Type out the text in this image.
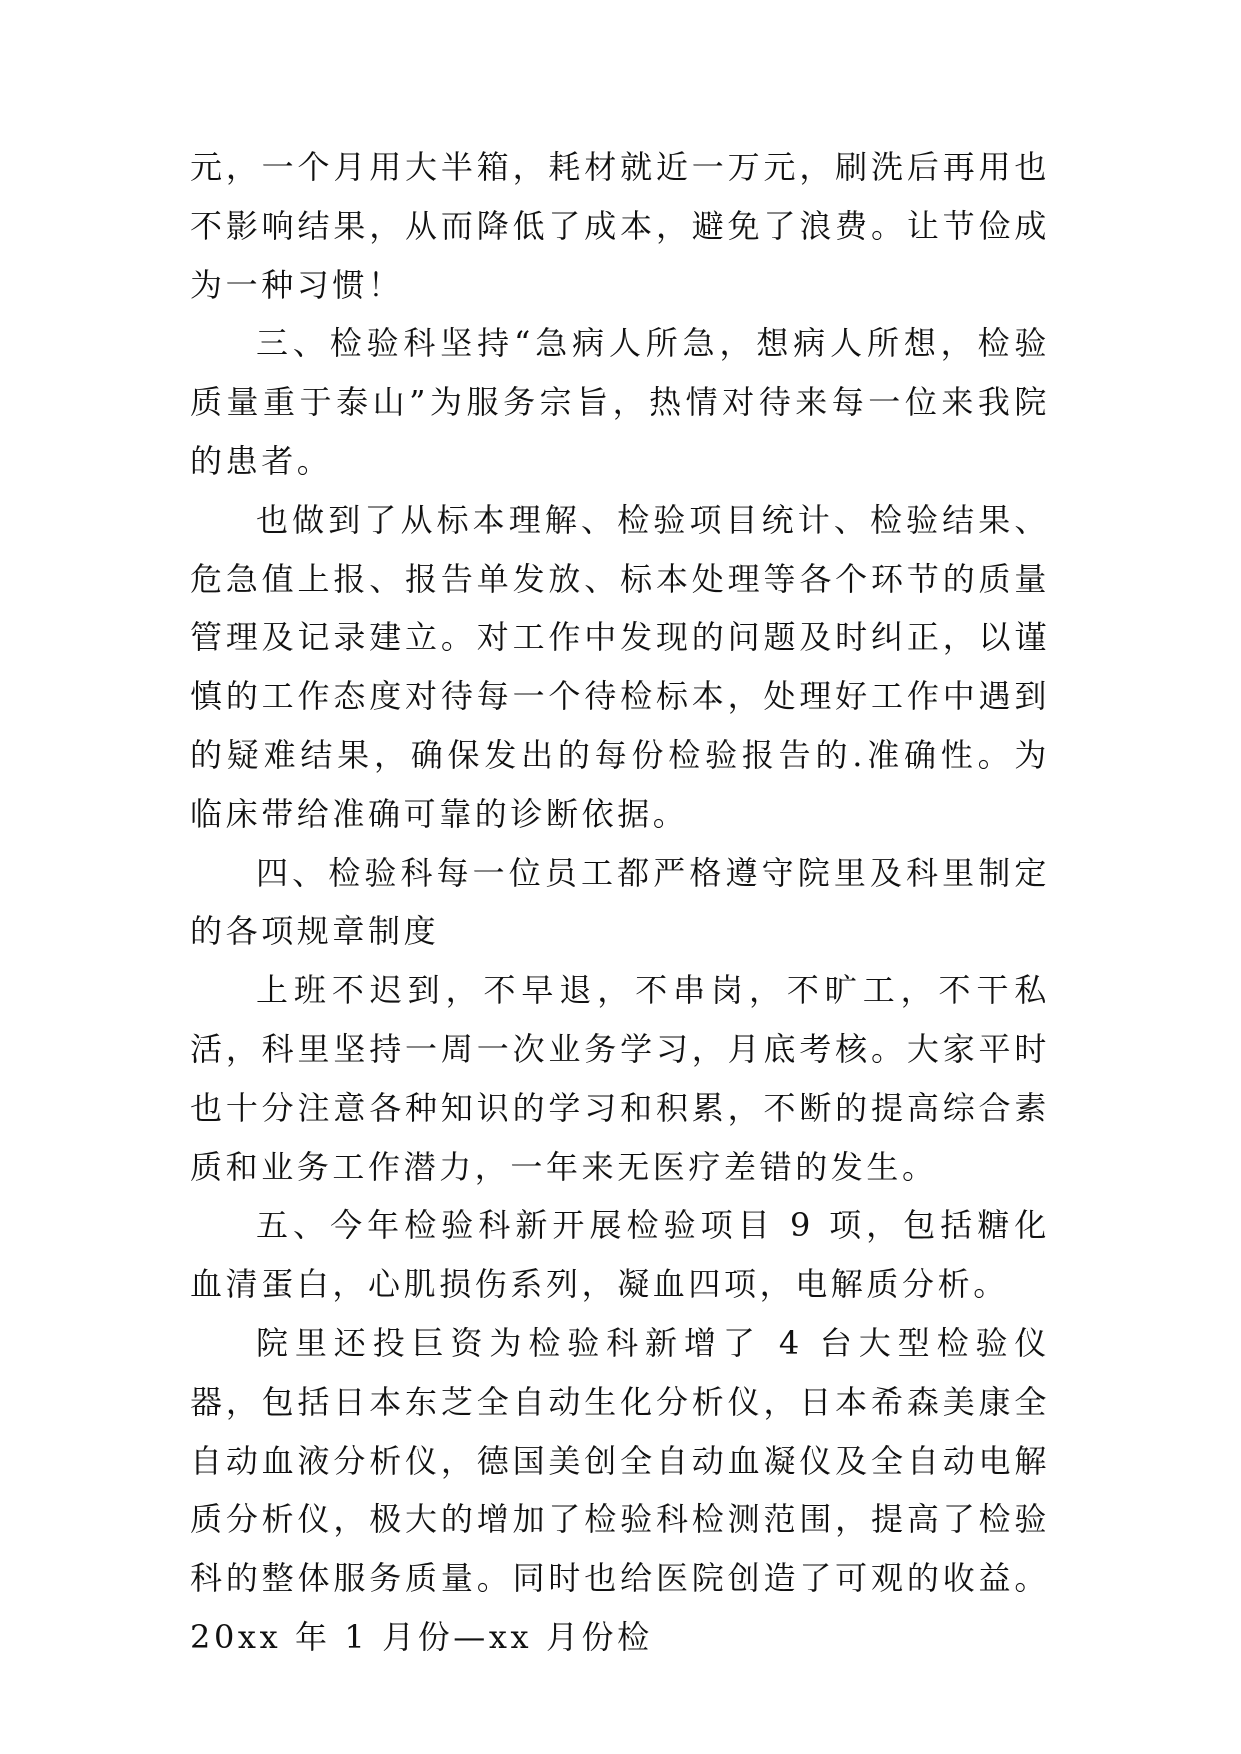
元，一个月用大半箱，耗材就近一万元，刷洗后再用也不影响结果，从而降低了成本，避免了浪费。让节俭成为一种习惯！

三、检验科坚持“急病人所急，想病人所想，检验质量重于泰山”为服务宗旨，热情对待来每一位来我院的患者。

也做到了从标本理解、检验项目统计、检验结果、危急值上报、报告单发放、标本处理等各个环节的质量管理及记录建立。对工作中发现的问题及时纠正，以谨慎的工作态度对待每一个待检标本，处理好工作中遇到的疑难结果，确保发出的每份检验报告的.准确性。为临床带给准确可靠的诊断依据。

四、检验科每一位员工都严格遵守院里及科里制定的各项规章制度

上班不迟到，不早退，不串岗，不旷工，不干私活，科里坚持一周一次业务学习，月底考核。大家平时也十分注意各种知识的学习和积累，不断的提高综合素质和业务工作潜力，一年来无医疗差错的发生。

五、今年检验科新开展检验项目 9 项，包括糖化血清蛋白，心肌损伤系列，凝血四项，电解质分析。

院里还投巨资为检验科新增了 4 台大型检验仪器，包括日本东芝全自动生化分析仪，日本希森美康全自动血液分析仪，德国美创全自动血凝仪及全自动电解质分析仪，极大的增加了检验科检测范围，提高了检验科的整体服务质量。同时也给医院创造了可观的收益。20xx 年 1 月份—xx 月份检
